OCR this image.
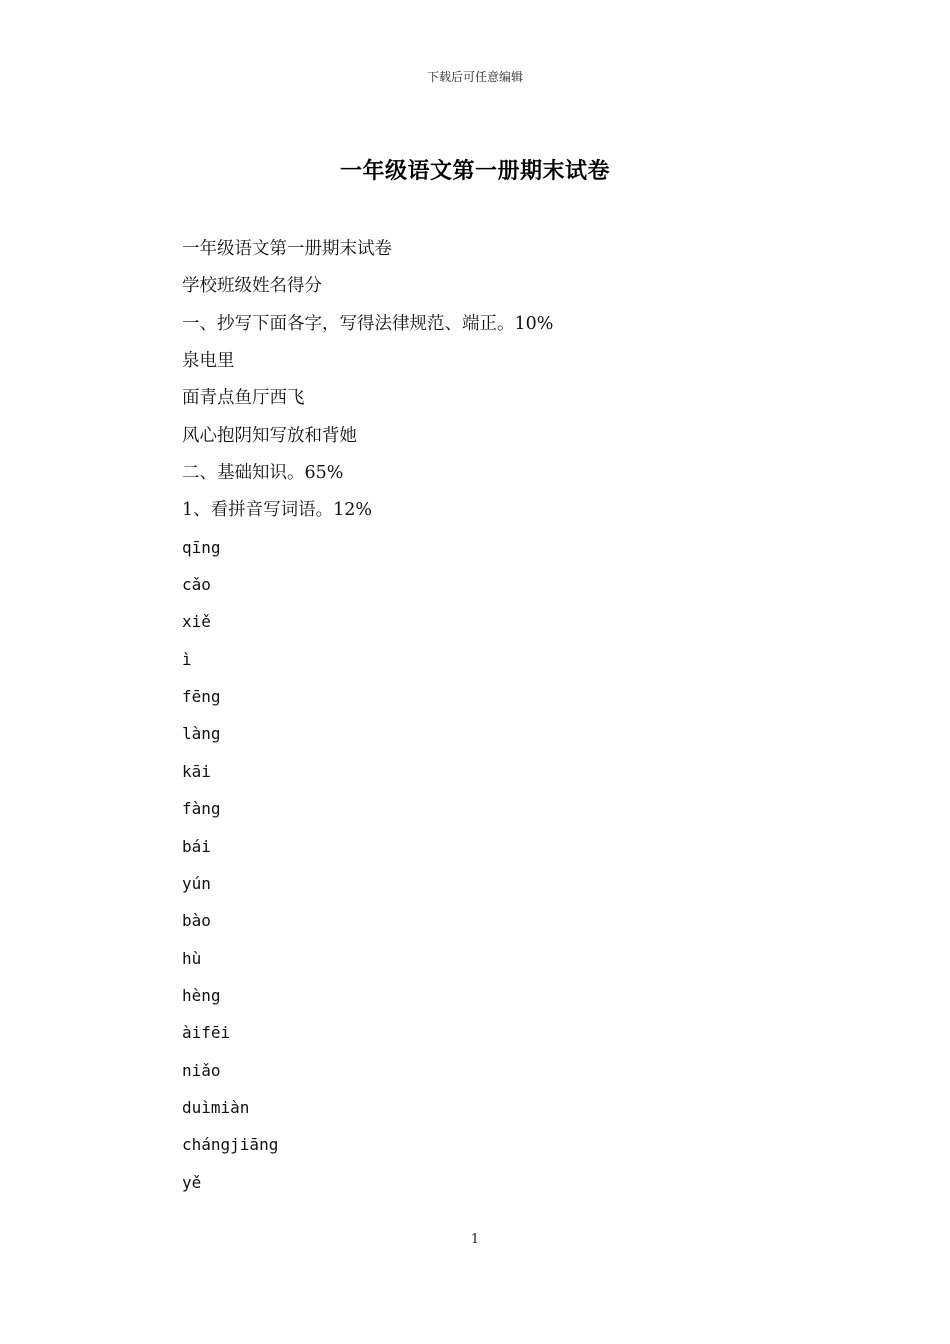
下载后可任意编辑
一年级语文第一册期末试卷
一年级语文第一册期末试卷
学校班级姓名得分
一、抄写下面各字，写得法律规范、端正。10%
泉电里
面青点鱼厅西飞
风心抱阴知写放和背她
二、基础知识。65%
1、看拼音写词语。12%
qīng
cǎo
xiě
ì
fēng
làng
kāi
fàng
bái
yún
bào
hù
hèng
àifēi
niǎo
duìmiàn
chángjiāng
yě
1
